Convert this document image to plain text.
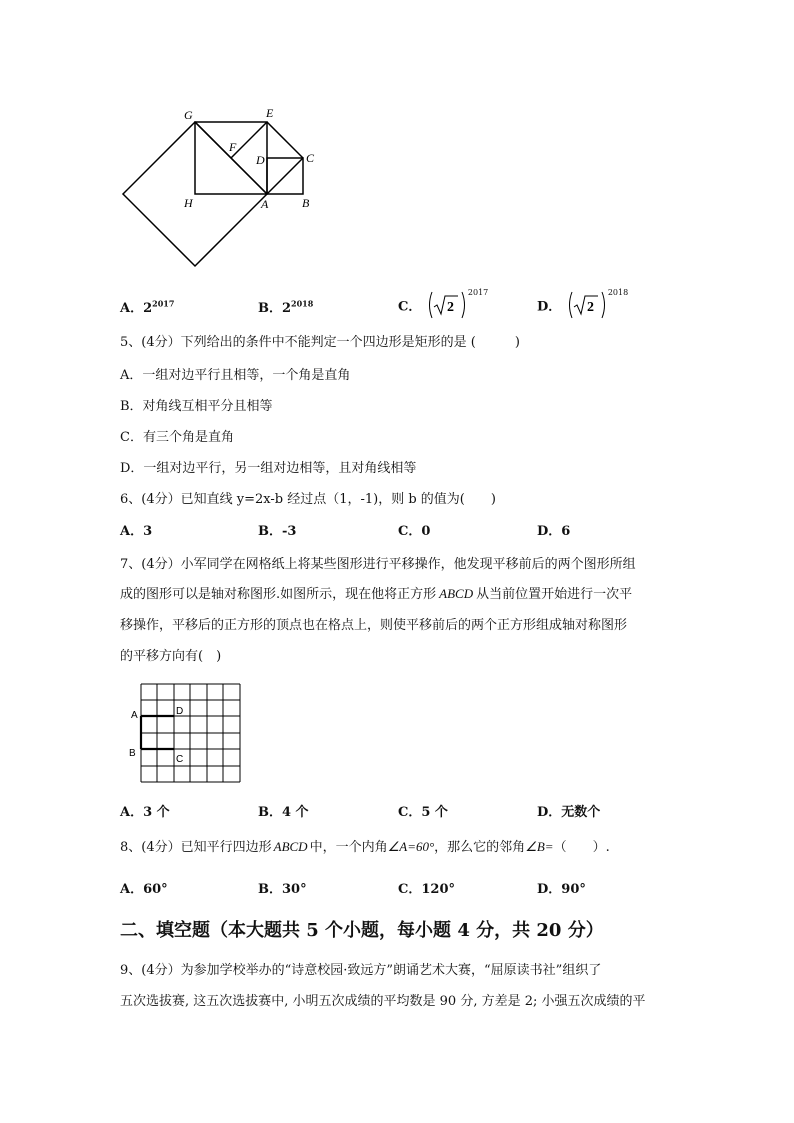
G	E
F
D	C
H	A	B
A．$2^{2017}$	B．$2^{2018}$	C． 2
$^{2017}$
D． 2
$^{2018}$
5、(4分）下列给出的条件中不能判定一个四边形是矩形的是 (　　　)
A．一组对边平行且相等，一个角是直角
B．对角线互相平分且相等
C．有三个角是直角
D．一组对边平行，另一组对边相等，且对角线相等
6、(4分）已知直线 y=2x-b 经过点（1，-1)，则 b 的值为(　　)
A．3	B．-3	C．0	D．6
7、(4分）小军同学在网格纸上将某些图形进行平移操作，他发现平移前后的两个图形所组
成的图形可以是轴对称图形.如图所示，现在他将正方形 ABCD 从当前位置开始进行一次平
移操作，平移后的正方形的顶点也在格点上，则使平移前后的两个正方形组成轴对称图形
的平移方向有(　)
A	D
B
C
A．3 个	B．4 个	C．5 个	D．无数个
8、(4分）已知平行四边形 ABCD 中，一个内角∠A=60°，那么它的邻角∠B=（　　）.
A．60°	B．30°	C．120°	D．90°
二、填空题（本大题共 5 个小题，每小题 4 分，共 20 分）
9、(4分）为参加学校举办的“诗意校园·致远方”朗诵艺术大赛，“屈原读书社”组织了
五次选拔赛, 这五次选拔赛中, 小明五次成绩的平均数是 90 分, 方差是 2; 小强五次成绩的平
